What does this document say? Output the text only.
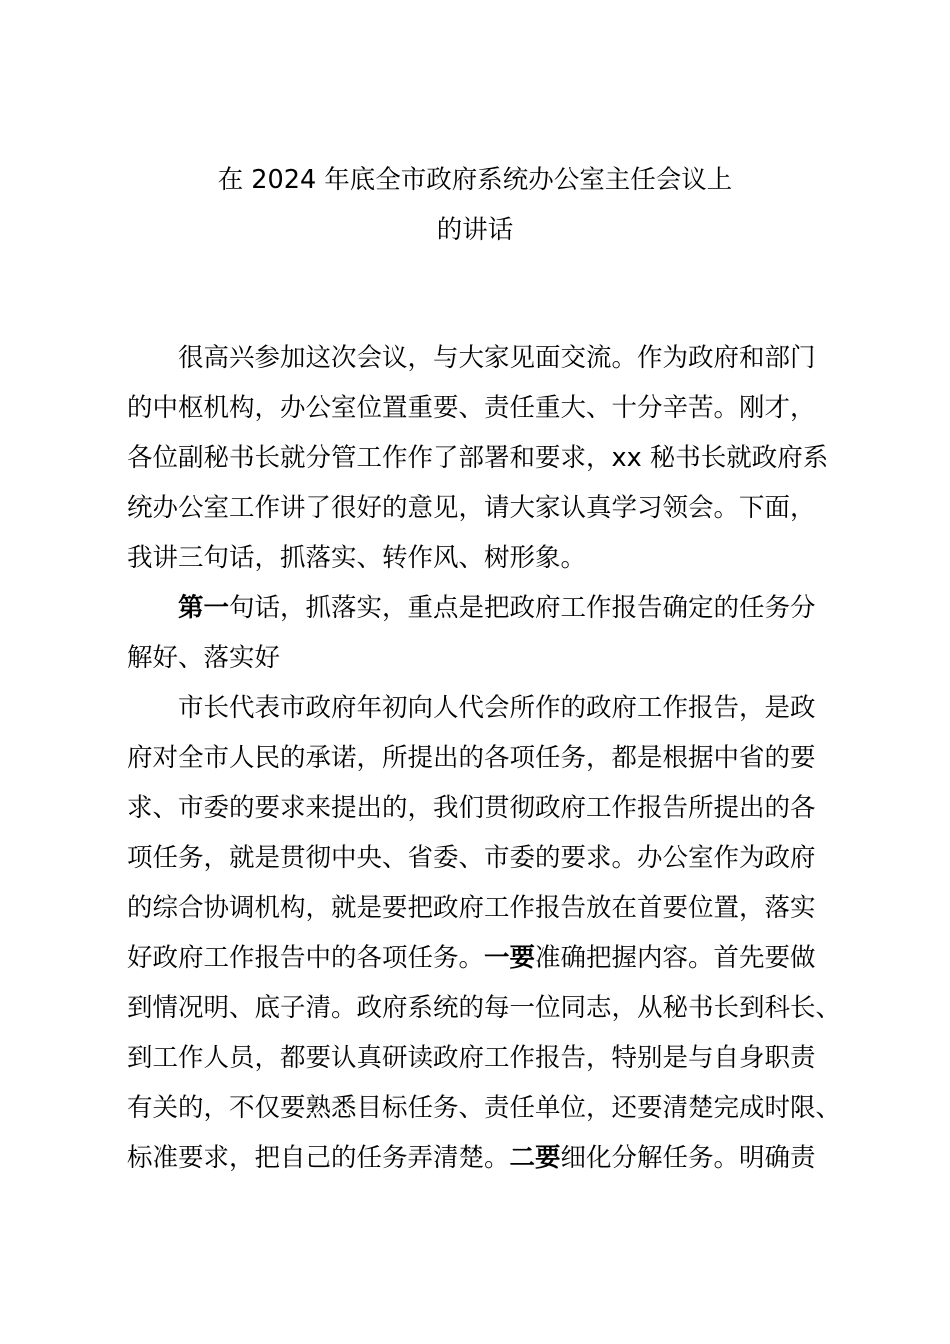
在 2024 年底全市政府系统办公室主任会议上
的讲话

很高兴参加这次会议，与大家见面交流。作为政府和部门

的中枢机构，办公室位置重要、责任重大、十分辛苦。刚才，

各位副秘书长就分管工作作了部署和要求，xx 秘书长就政府系

统办公室工作讲了很好的意见，请大家认真学习领会。下面，

我讲三句话，抓落实、转作风、树形象。

第一句话，抓落实，重点是把政府工作报告确定的任务分

解好、落实好

市长代表市政府年初向人代会所作的政府工作报告，是政

府对全市人民的承诺，所提出的各项任务，都是根据中省的要

求、市委的要求来提出的，我们贯彻政府工作报告所提出的各

项任务，就是贯彻中央、省委、市委的要求。办公室作为政府

的综合协调机构，就是要把政府工作报告放在首要位置，落实

好政府工作报告中的各项任务。一要准确把握内容。首先要做

到情况明、底子清。政府系统的每一位同志，从秘书长到科长、

到工作人员，都要认真研读政府工作报告，特别是与自身职责

有关的，不仅要熟悉目标任务、责任单位，还要清楚完成时限、

标准要求，把自己的任务弄清楚。二要细化分解任务。明确责
